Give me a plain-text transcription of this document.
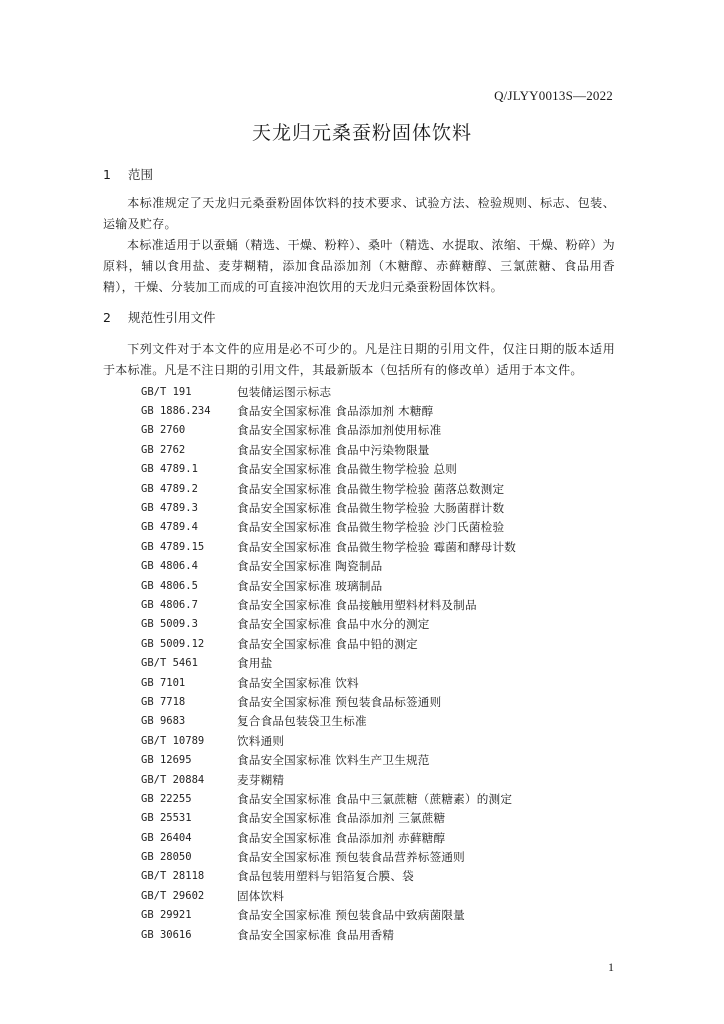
Q/JLYY0013S—2022
天龙归元桑蚕粉固体饮料
1 范围

本标准规定了天龙归元桑蚕粉固体饮料的技术要求、试验方法、检验规则、标志、包装、运输及贮存。

本标准适用于以蚕蛹（精选、干燥、粉粹）、桑叶（精选、水提取、浓缩、干燥、粉碎）为原料，辅以食用盐、麦芽糊精，添加食品添加剂（木糖醇、赤藓糖醇、三氯蔗糖、食品用香精），干燥、分装加工而成的可直接冲泡饮用的天龙归元桑蚕粉固体饮料。

2 规范性引用文件

下列文件对于本文件的应用是必不可少的。凡是注日期的引用文件，仅注日期的版本适用于本标准。凡是不注日期的引用文件，其最新版本（包括所有的修改单）适用于本文件。

GB/T 191	包装储运图示标志
GB 1886.234	食品安全国家标准 食品添加剂 木糖醇
GB 2760	食品安全国家标准 食品添加剂使用标准
GB 2762	食品安全国家标准 食品中污染物限量
GB 4789.1	食品安全国家标准 食品微生物学检验 总则
GB 4789.2	食品安全国家标准 食品微生物学检验 菌落总数测定
GB 4789.3	食品安全国家标准 食品微生物学检验 大肠菌群计数
GB 4789.4	食品安全国家标准 食品微生物学检验 沙门氏菌检验
GB 4789.15	食品安全国家标准 食品微生物学检验 霉菌和酵母计数
GB 4806.4	食品安全国家标准 陶瓷制品
GB 4806.5	食品安全国家标准 玻璃制品
GB 4806.7	食品安全国家标准 食品接触用塑料材料及制品
GB 5009.3	食品安全国家标准 食品中水分的测定
GB 5009.12	食品安全国家标准 食品中铅的测定
GB/T 5461	食用盐
GB 7101	食品安全国家标准 饮料
GB 7718	食品安全国家标准 预包装食品标签通则
GB 9683	复合食品包装袋卫生标准
GB/T 10789	饮料通则
GB 12695	食品安全国家标准 饮料生产卫生规范
GB/T 20884	麦芽糊精
GB 22255	食品安全国家标准 食品中三氯蔗糖（蔗糖素）的测定
GB 25531	食品安全国家标准 食品添加剂 三氯蔗糖
GB 26404	食品安全国家标准 食品添加剂 赤藓糖醇
GB 28050	食品安全国家标准 预包装食品营养标签通则
GB/T 28118	食品包装用塑料与铝箔复合膜、袋
GB/T 29602	固体饮料
GB 29921	食品安全国家标准 预包装食品中致病菌限量
GB 30616	食品安全国家标准 食品用香精
1
